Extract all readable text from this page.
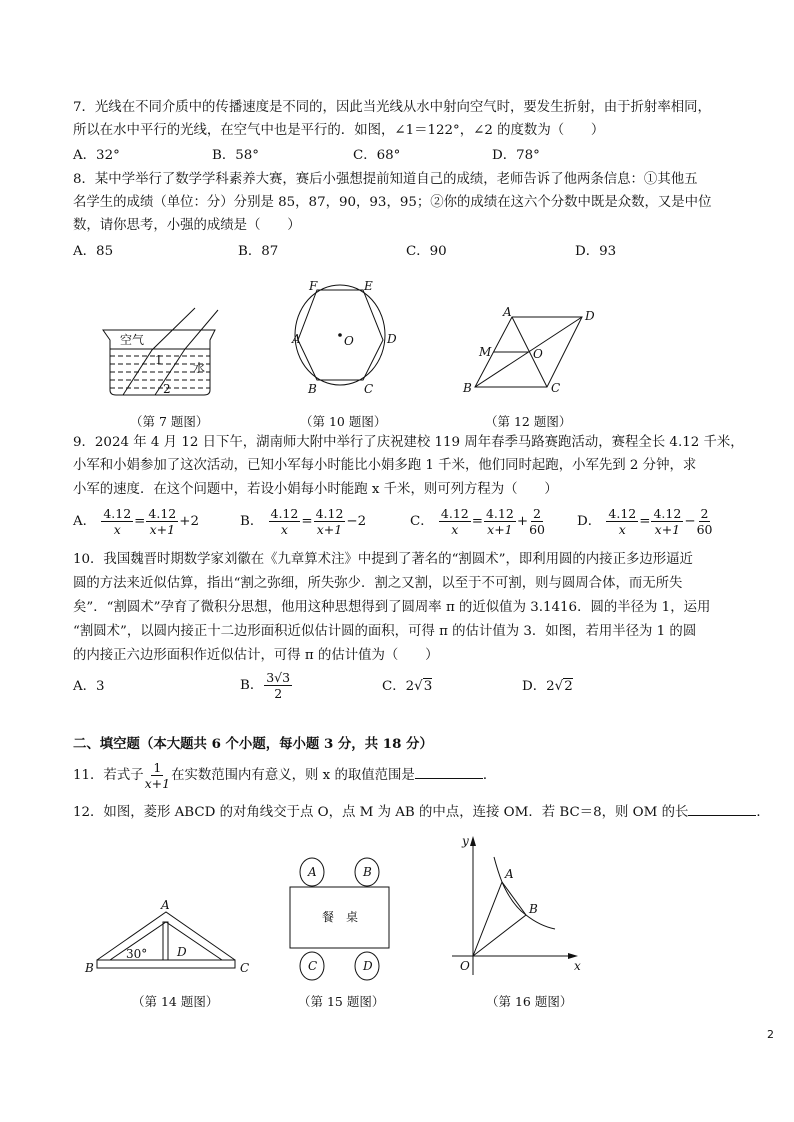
7．光线在不同介质中的传播速度是不同的，因此当光线从水中射向空气时，要发生折射，由于折射率相同，
所以在水中平行的光线，在空气中也是平行的．如图，∠1＝122°，∠2 的度数为（　　）
A．32°	B．58°	C．68°	D．78°
8．某中学举行了数学学科素养大赛，赛后小强想提前知道自己的成绩，老师告诉了他两条信息：①其他五
名学生的成绩（单位：分）分别是 85，87，90，93，95；②你的成绩在这六个分数中既是众数，又是中位
数，请你思考，小强的成绩是（　　）
A．85	B．87	C．90	D．93
空气
水
1
2
A
B	C
D
E
F
O
A
B	C
D
M	O
A
B	C
D
30°
A	B
C	D
餐　桌
A
B
O	x
y
（第 7 题图）	（第 10 题图）	（第 12 题图）
9．2024 年 4 月 12 日下午，湖南师大附中举行了庆祝建校 119 周年春季马路赛跑活动，赛程全长 4.12 千米，
小军和小娟参加了这次活动，已知小军每小时能比小娟多跑 1 千米，他们同时起跑，小军先到 2 分钟，求
小军的速度．在这个问题中，若设小娟每小时能跑 x 千米，则可列方程为（　　）
A． $\frac{4.12}{x} = \frac{4.12}{x+1} +2$	B． $\frac{4.12}{x} = \frac{4.12}{x+1} -2$	C． $\frac{4.12}{x} = \frac{4.12}{x+1} + \frac{2}{60}$ D． $\frac{4.12}{x} = \frac{4.12}{x+1} - \frac{2}{60}$
10．我国魏晋时期数学家刘徽在《九章算术注》中提到了著名的“割圆术”，即利用圆的内接正多边形逼近
圆的方法来近似估算，指出“割之弥细，所失弥少．割之又割，以至于不可割，则与圆周合体，而无所失
矣”．“割圆术”孕育了微积分思想，他用这种思想得到了圆周率 π 的近似值为 3.1416．圆的半径为 1，运用
“割圆术”，以圆内接正十二边形面积近似估计圆的面积，可得 π 的估计值为 3．如图，若用半径为 1 的圆
的内接正六边形面积作近似估计，可得 π 的估计值为（　　）
A．3	B． $\frac{3√3}{2}$	C．2√3	D．2√2
二、填空题（本大题共 6 个小题，每小题 3 分，共 18 分）
11．若式子 $\frac{1}{x+1}$ 在实数范围内有意义，则 x 的取值范围是	．
12．如图，菱形 ABCD 的对角线交于点 O，点 M 为 AB 的中点，连接 OM．若 BC＝8，则 OM 的长	．
（第 14 题图）	（第 15 题图）	（第 16 题图）
2
